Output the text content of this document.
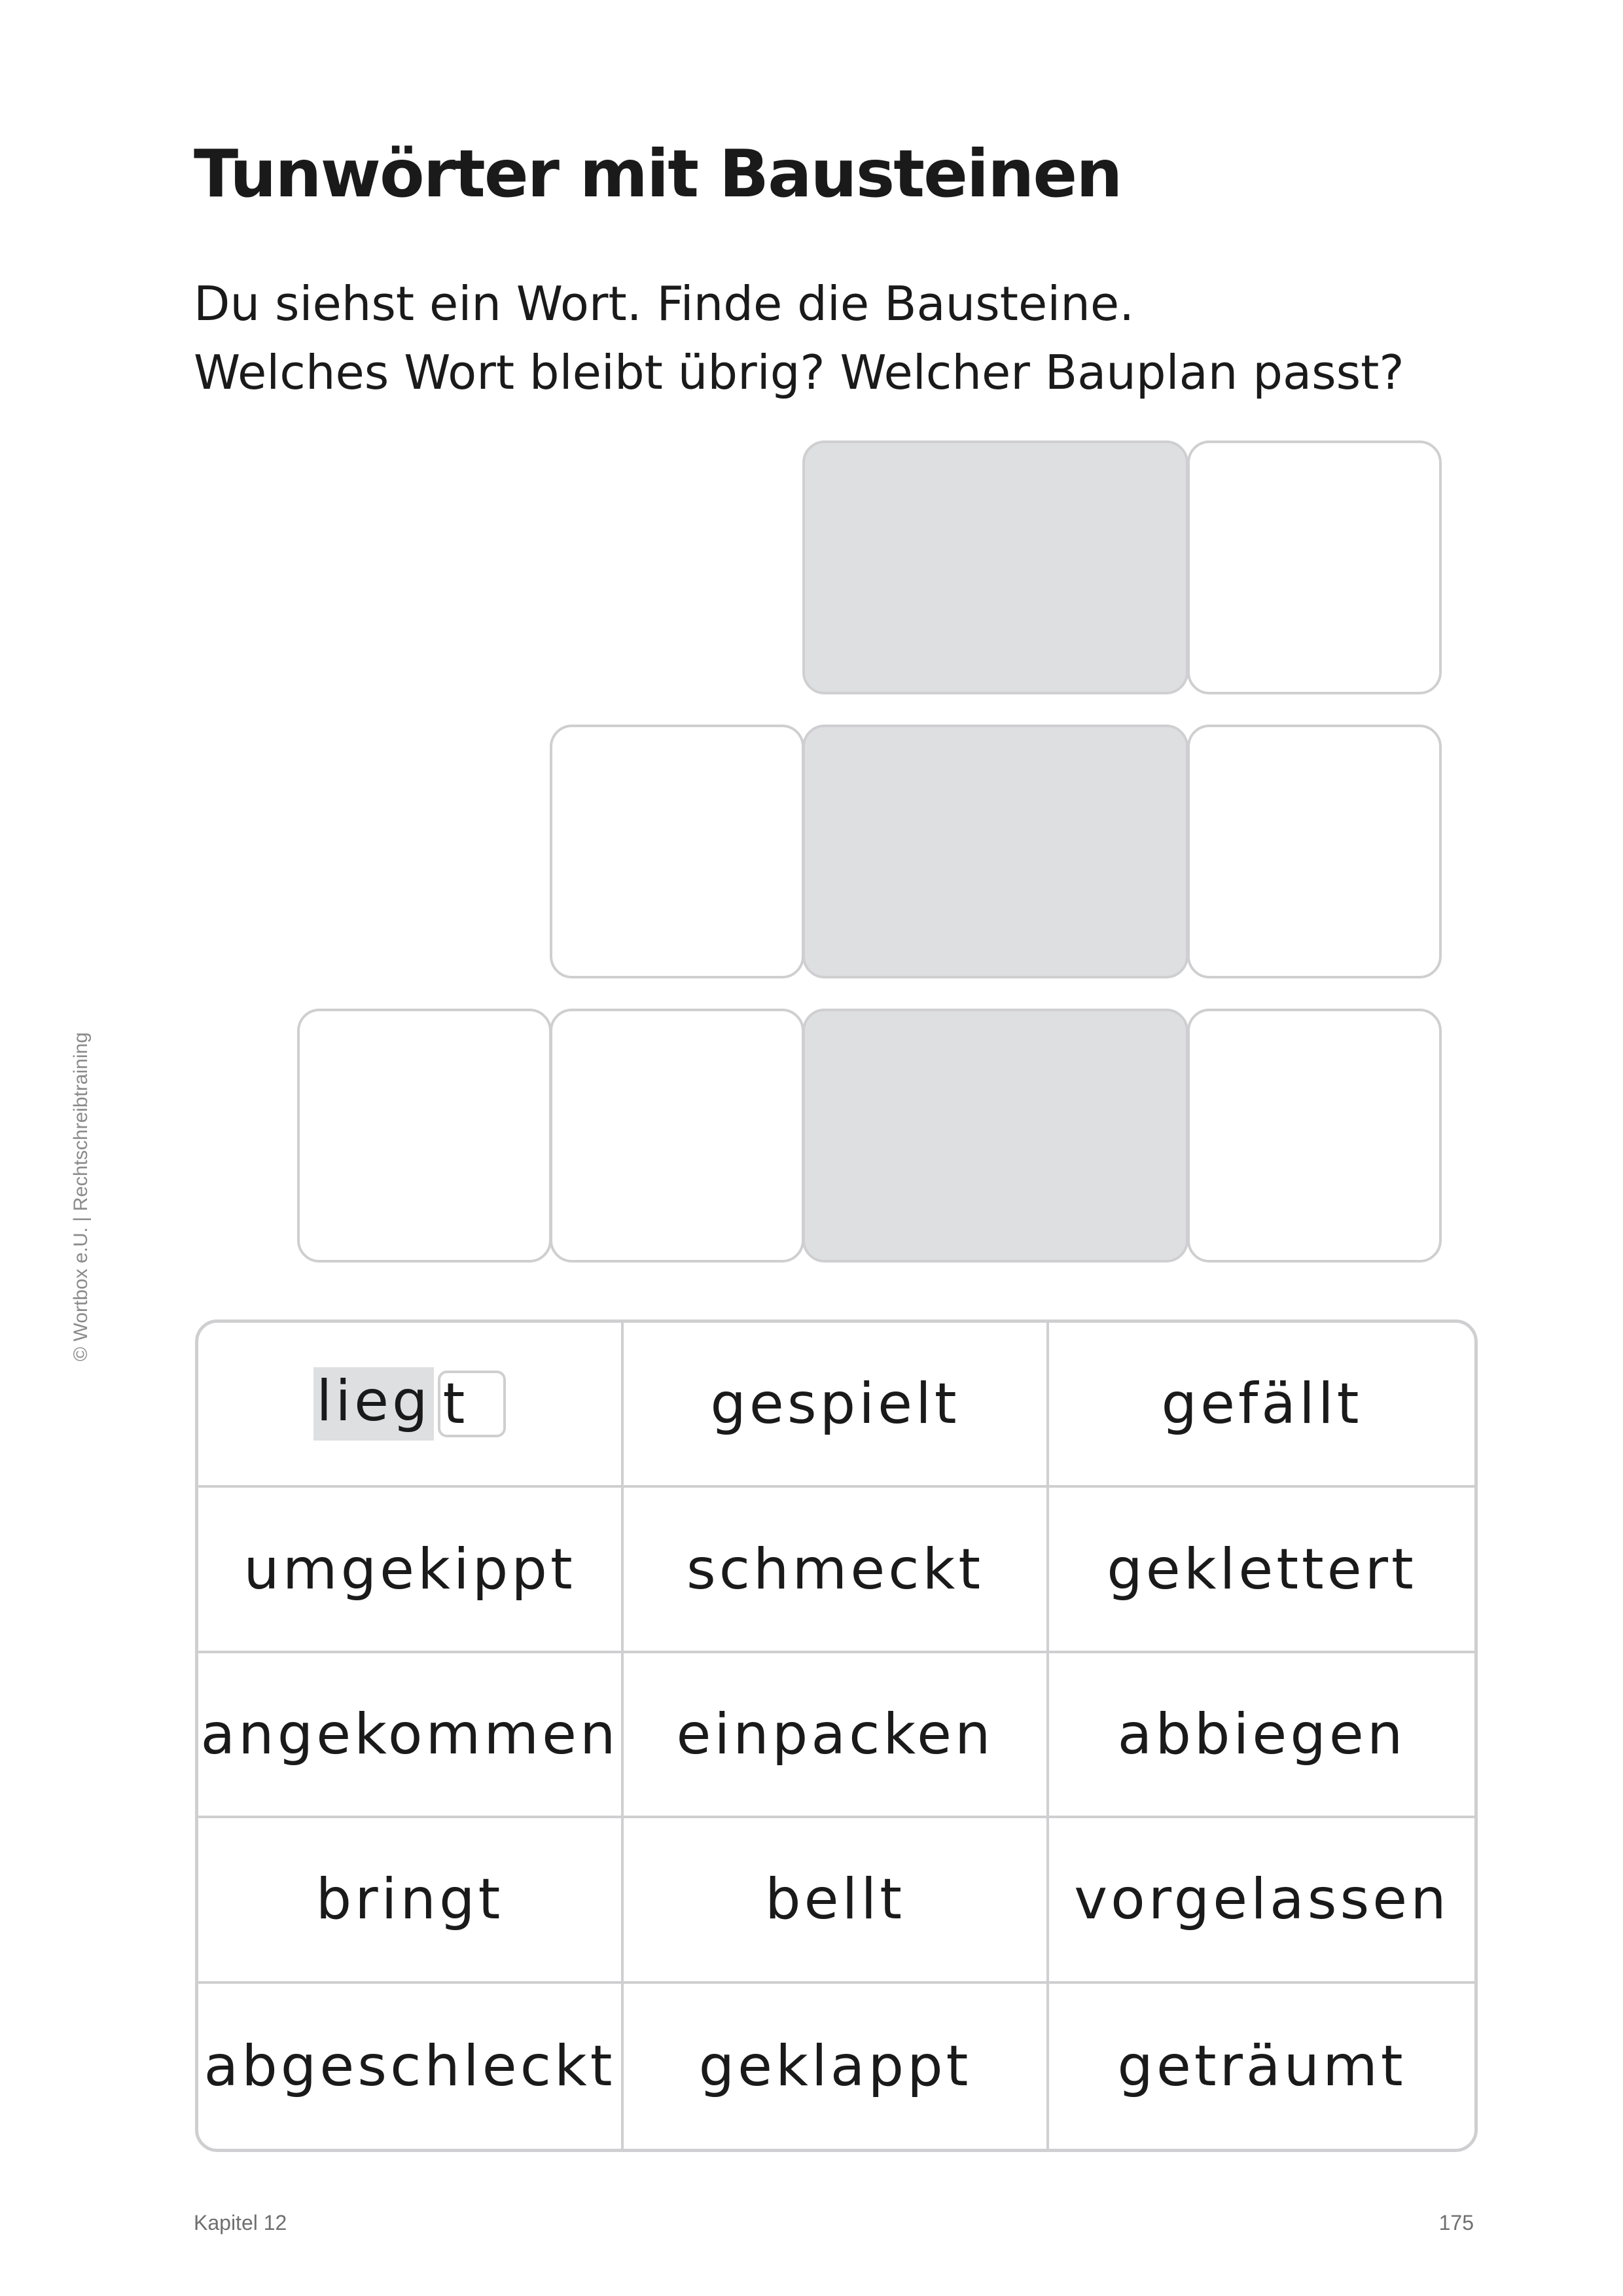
Tunwörter mit Bausteinen
Du siehst ein Wort. Finde die Bausteine.
Welches Wort bleibt übrig? Welcher Bauplan passt?
© Wortbox e.U. | Rechtschreibtraining
lieg t	gespielt	gefällt
umgekippt	schmeckt	geklettert
angekommen	einpacken	abbiegen
bringt	bellt	vorgelassen
abgeschleckt	geklappt	geträumt
Kapitel 12	175
